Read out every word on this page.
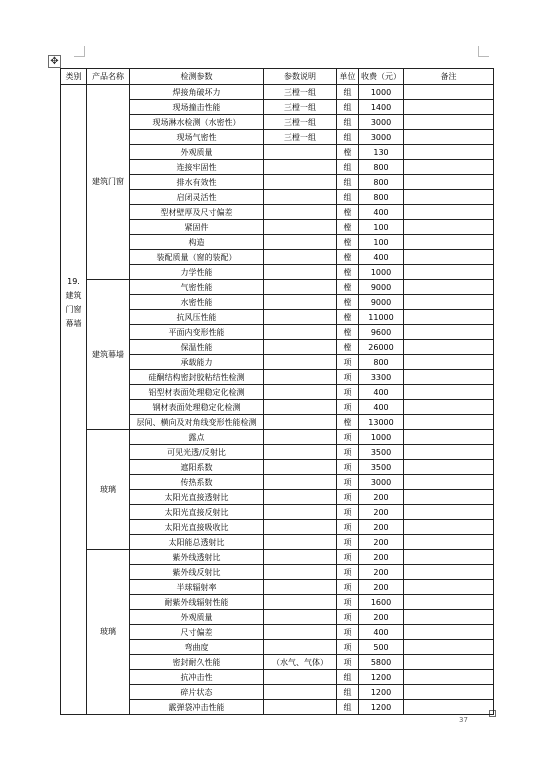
✥
类别	产品名称	检测参数	参数说明	单位	收费（元）	备注

19.
建筑
门窗
幕墙	建筑门窗	焊接角破坏力	三樘一组	组	1000	
		现场撞击性能	三樘一组	组	1400	
		现场淋水检测（水密性）	三樘一组	组	3000	
		现场气密性	三樘一组	组	3000	
		外观质量		樘	130	
		连接牢固性		组	800	
		排水有效性		组	800	
		启闭灵活性		组	800	
		型材壁厚及尺寸偏差		樘	400	
		紧固件		樘	100	
		构造		樘	100	
		装配质量（窗的装配）		樘	400	
		力学性能		樘	1000	
	建筑幕墙	气密性能		樘	9000	
		水密性能		樘	9000	
		抗风压性能		樘	11000	
		平面内变形性能		樘	9600	
		保温性能		樘	26000	
		承载能力		项	800	
		硅酮结构密封胶粘结性检测		项	3300	
		铝型材表面处理稳定化检测		项	400	
		钢材表面处理稳定化检测		项	400	
		层间、横向及对角线变形性能检测		樘	13000	
	玻璃	露点		项	1000	
		可见光透/反射比		项	3500	
		遮阳系数		项	3500	
		传热系数		项	3000	
		太阳光直接透射比		项	200	
		太阳光直接反射比		项	200	
		太阳光直接吸收比		项	200	
		太阳能总透射比		项	200	
	玻璃	紫外线透射比		项	200	
		紫外线反射比		项	200	
		半球辐射率		项	200	
		耐紫外线辐射性能		项	1600	
		外观质量		项	200	
		尺寸偏差		项	400	
		弯曲度		项	500	
		密封耐久性能	（水气、气体）	项	5800	
		抗冲击性		组	1200	
		碎片状态		组	1200	
		霰弹袋冲击性能		组	1200	
37
